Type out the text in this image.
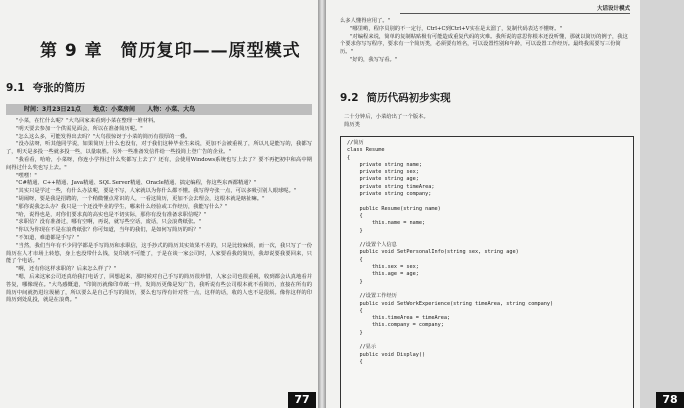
第 9 章　简历复印——原型模式
9.1 夸张的简历
时间：3月23日21点 地点：小菜房间 人物：小菜、大鸟

"小菜，在忙什么呢？"大鸟回家来看到小菜在整理一堆材料。

"明天要去参加一个供需见面会，所以在准备简历呢。"

"怎么这么多，可能发得出去吗？"大鸟很惊讶于小菜的简历有很厚的一叠。

"没办法呀，听其他同学说，如果简历上什么也没有，对于我们这种毕业生来说，更加不会被重视了，所以凡是能写的，我都写了，明天是多投一些就多投一些，以量取胜。另外一些准备发信件给一些投简上登广告的企业。"

"我看看，哈哈，小菜呀，你连小学得过什么奖都写上去了？还有，会使用Windows系统也写上去了？要不再把初中和高中期间得过什么奖也写上去。"

"嘿嘿！"

"C#精通、C++精通、Java精通、SQL Server精通、Oracle精通、搞定编程，你这些东西都精通？"

"其实只是学过一些，有什么办法呢，要是不写，人家就以为你什么都不懂。我写得夸张一点，可以多吸引别人眼球呢。"

"胡闹呀，要是我是招聘的，一个稍微懂点常识的人，一看这简历，更加不会去理会，这根本就是瞎扯嘛。"

"那你说我怎么办？我只是一个还没毕业的学生，哪来什么经验或工作经历，我能写什么？"

"哈，说得也是，对你们要求真的高实也是不切实际，那你有没有准备求职信呢？"

"求职信？没有准备过，哪有空啊，再说，就写些空话，废话，只会浪费纸张。"

"你以为你现在不是在浪费纸张？你可知道，当年的我们，是如何写简历的吗？"

"不知道，难道都是手写？"

"当然，我们当年有不少同学都是手写简历和求职信，这手抄式的简历其实效果不差的，只是比较麻烦，而一次，我只写了一份简历在人才市场上转悠，身上也没带什么钱，复印就不可能了，于是在谈一家公司时，人家要看我的简历，我却说要我要回来，只能了个电话。"

"啊，还有你这样求职的？后来怎么样了？"

"嗯，后来这家公司还真给我打电话了，回想起来，那时候对自己手写的简历很珍惜，人家公司也很重视，收到都会认真地看并答复，哪像现在。"大鸟感慨道，"印简历就像印草纸一样，发简历更像是发广告，我听说有些公司根本就不看简历，直接在所有的简历中间就扔进垃圾桶了，所以要么是自己手写的简历，要么也写得有针对性一点，这样的话，收的人也不是很烦。像你这样的印简历到处乱投，就是在浪费。"

77
大话设计模式

么多人懂得应用了。"

"哪里哟，程序员别的不一定行，Ctrl+C到Ctrl+V实在是太溜了，复制代码表达不懂呀。"

"对编程来说，简单的复制粘贴极有可能造成重复代码的灾难。我所说的意思你根本还没听懂，那就以简历的例子，我这个要求你写写程序，要求有一个简历类，必须要有姓名，可以设置性别和年龄，可以设置工作经历。最终我需要写三份简历。"

"好的，我写写看。"

9.2 简历代码初步实现

二十分钟后，小菜给出了一个版本。

简历类

//简历
class Resume
{
private string name;
private string sex;
private string age;
private string timeArea;
private string company;
public Resume(string name)
{
this.name = name;
}
//设置个人信息
public void SetPersonalInfo(string sex, string age)
{
this.sex = sex;
this.age = age;
}
//设置工作经历
public void SetWorkExperience(string timeArea, string company)
{
this.timeArea = timeArea;
this.company = company;
}
//显示
public void Display()
{
78
